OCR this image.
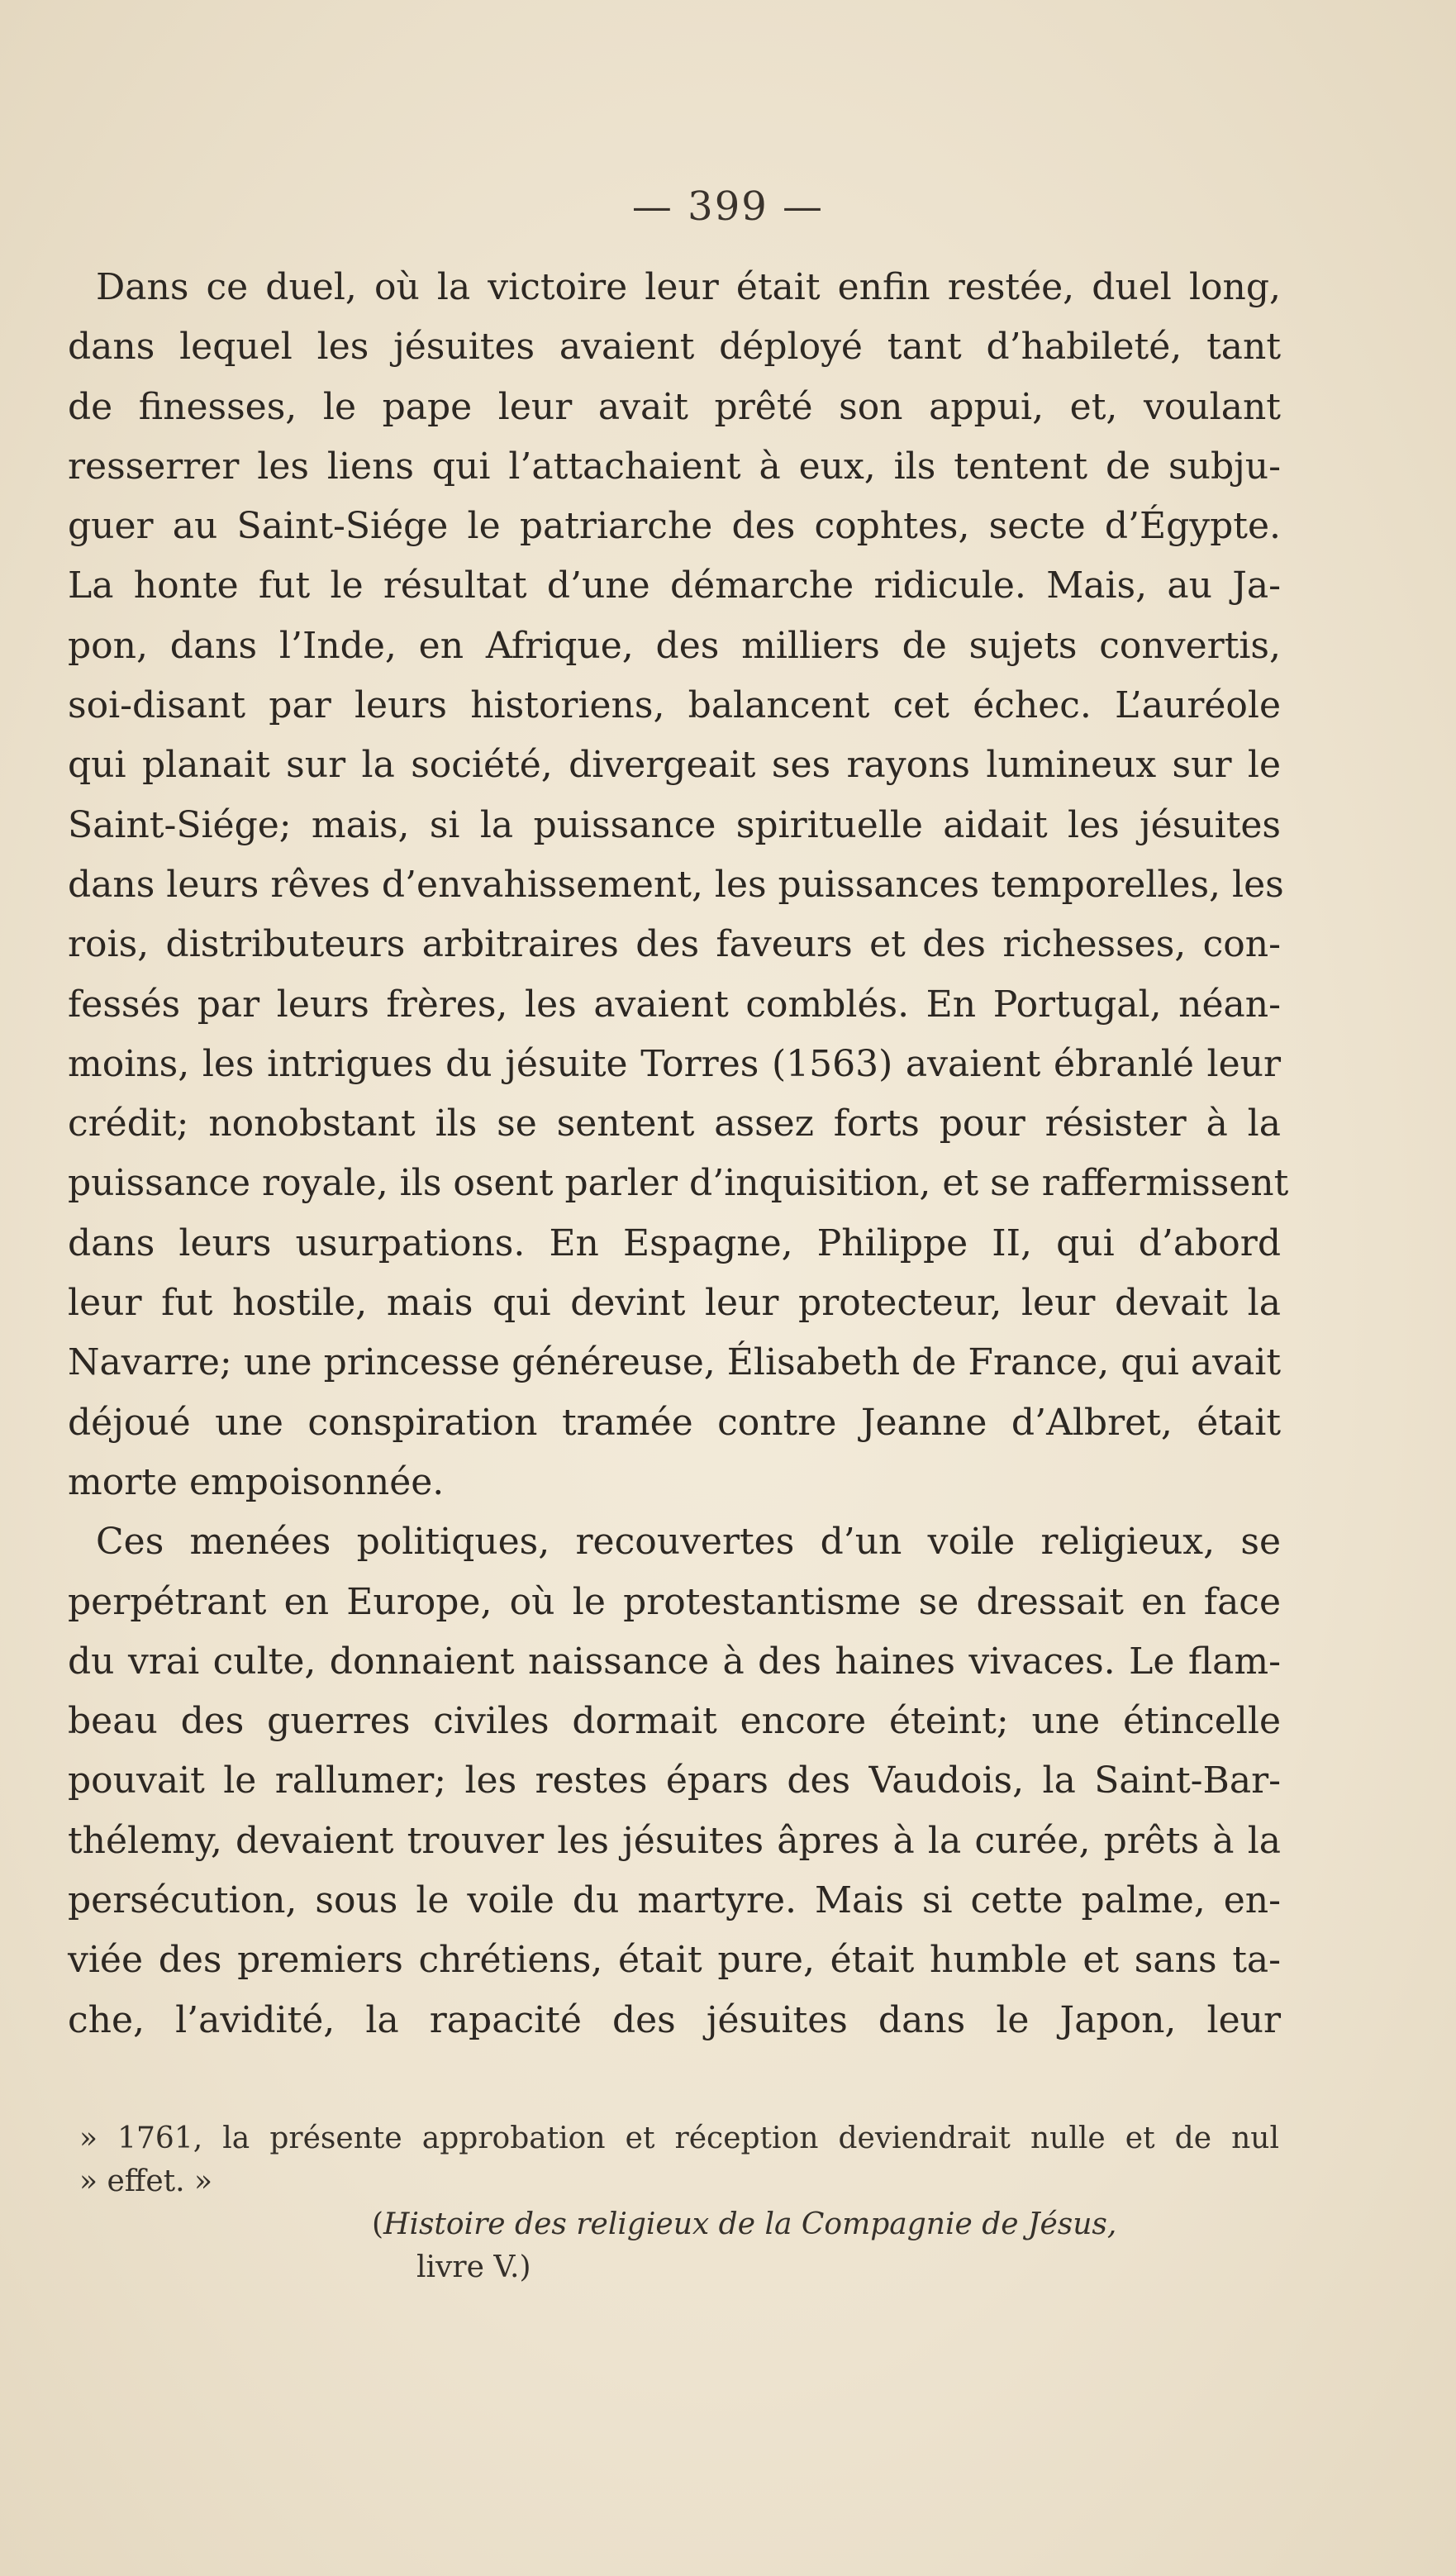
— 399 —
Dans ce duel, où la victoire leur était enfin restée, duel long,
dans lequel les jésuites avaient déployé tant d’habileté, tant
de finesses, le pape leur avait prêté son appui, et, voulant
resserrer les liens qui l’attachaient à eux, ils tentent de subju-
guer au Saint-Siége le patriarche des cophtes, secte d’Égypte.
La honte fut le résultat d’une démarche ridicule. Mais, au Ja-
pon, dans l’Inde, en Afrique, des milliers de sujets convertis,
soi-disant par leurs historiens, balancent cet échec. L’auréole
qui planait sur la société, divergeait ses rayons lumineux sur le
Saint-Siége; mais, si la puissance spirituelle aidait les jésuites
dans leurs rêves d’envahissement, les puissances temporelles, les
rois, distributeurs arbitraires des faveurs et des richesses, con-
fessés par leurs frères, les avaient comblés. En Portugal, néan-
moins, les intrigues du jésuite Torres (1563) avaient ébranlé leur
crédit; nonobstant ils se sentent assez forts pour résister à la
puissance royale, ils osent parler d’inquisition, et se raffermissent
dans leurs usurpations. En Espagne, Philippe II, qui d’abord
leur fut hostile, mais qui devint leur protecteur, leur devait la
Navarre; une princesse généreuse, Élisabeth de France, qui avait
déjoué une conspiration tramée contre Jeanne d’Albret, était
morte empoisonnée.
Ces menées politiques, recouvertes d’un voile religieux, se
perpétrant en Europe, où le protestantisme se dressait en face
du vrai culte, donnaient naissance à des haines vivaces. Le flam-
beau des guerres civiles dormait encore éteint; une étincelle
pouvait le rallumer; les restes épars des Vaudois, la Saint-Bar-
thélemy, devaient trouver les jésuites âpres à la curée, prêts à la
persécution, sous le voile du martyre. Mais si cette palme, en-
viée des premiers chrétiens, était pure, était humble et sans ta-
che, l’avidité, la rapacité des jésuites dans le Japon, leur
» 1761, la présente approbation et réception deviendrait nulle et de nul
» effet. »
(Histoire des religieux de la Compagnie de Jésus,
livre V.)
